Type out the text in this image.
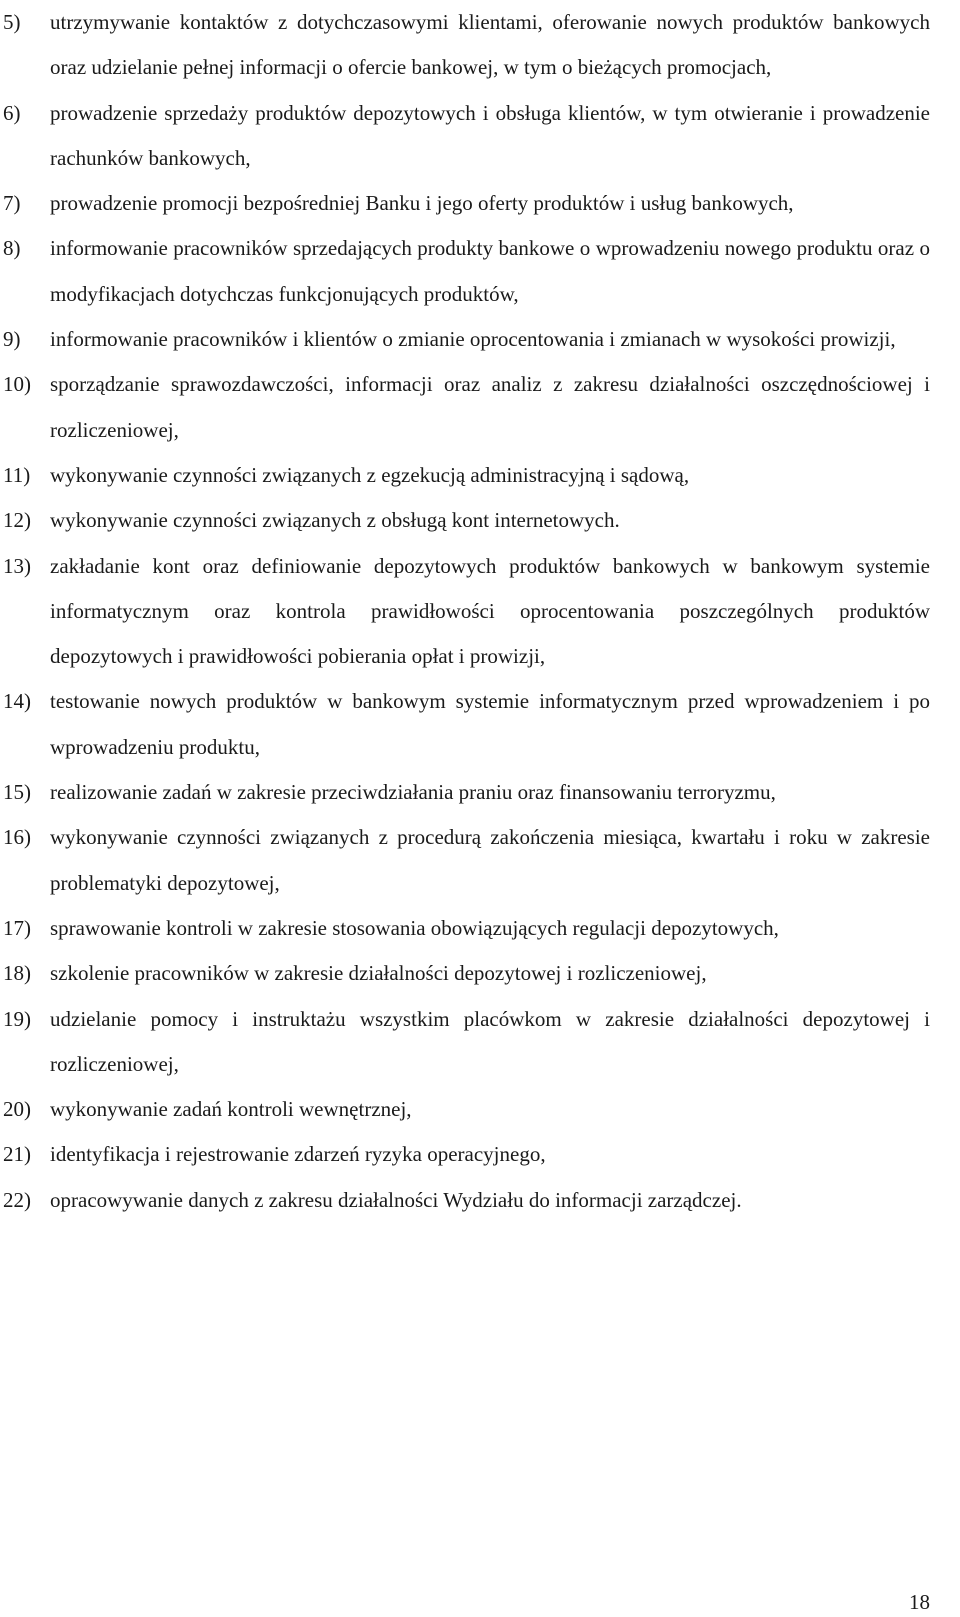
5)	utrzymywanie kontaktów z dotychczasowymi klientami, oferowanie nowych produktów bankowych oraz udzielanie pełnej informacji o ofercie bankowej, w tym o bieżących promocjach,
6)	prowadzenie sprzedaży produktów depozytowych i obsługa klientów, w tym otwieranie i prowadzenie rachunków bankowych,
7)	prowadzenie promocji bezpośredniej Banku i jego oferty produktów i usług bankowych,
8)	informowanie pracowników sprzedających produkty bankowe o wprowadzeniu nowego produktu oraz o modyfikacjach dotychczas funkcjonujących produktów,
9)	informowanie pracowników i klientów o zmianie oprocentowania i zmianach w wysokości prowizji,
10) sporządzanie sprawozdawczości, informacji oraz analiz z zakresu działalności oszczędnościowej i rozliczeniowej,
11) wykonywanie czynności związanych z egzekucją administracyjną i sądową,
12) wykonywanie czynności związanych z obsługą kont internetowych.
13) zakładanie kont oraz definiowanie depozytowych produktów bankowych w bankowym systemie informatycznym oraz kontrola prawidłowości oprocentowania poszczególnych produktów depozytowych i prawidłowości pobierania opłat i prowizji,
14) testowanie nowych produktów w bankowym systemie informatycznym przed wprowadzeniem i po wprowadzeniu produktu,
15) realizowanie zadań w zakresie przeciwdziałania praniu oraz finansowaniu terroryzmu,
16) wykonywanie czynności związanych z procedurą zakończenia miesiąca, kwartału i roku w zakresie problematyki depozytowej,
17) sprawowanie kontroli w zakresie stosowania obowiązujących regulacji depozytowych,
18) szkolenie pracowników w zakresie działalności depozytowej i rozliczeniowej,
19) udzielanie pomocy i instruktażu wszystkim placówkom w zakresie działalności depozytowej i rozliczeniowej,
20) wykonywanie zadań kontroli wewnętrznej,
21) identyfikacja i rejestrowanie zdarzeń ryzyka operacyjnego,
22) opracowywanie danych z zakresu działalności Wydziału do informacji zarządczej.
18
